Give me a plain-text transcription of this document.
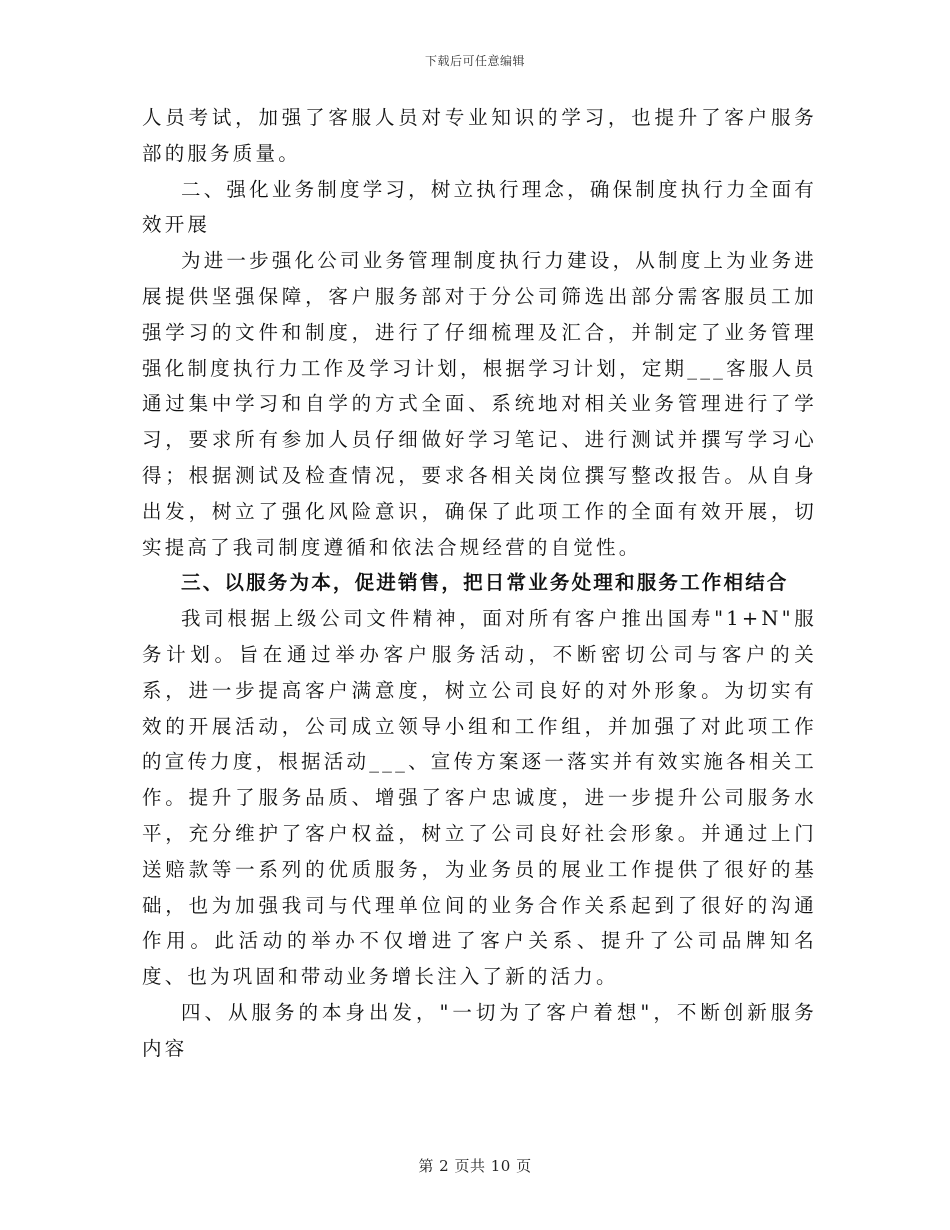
下载后可任意编辑

人员考试，加强了客服人员对专业知识的学习，也提升了客户服务部的服务质量。

二、强化业务制度学习，树立执行理念，确保制度执行力全面有效开展

为进一步强化公司业务管理制度执行力建设，从制度上为业务进展提供坚强保障，客户服务部对于分公司筛选出部分需客服员工加强学习的文件和制度，进行了仔细梳理及汇合，并制定了业务管理强化制度执行力工作及学习计划，根据学习计划，定期___客服人员通过集中学习和自学的方式全面、系统地对相关业务管理进行了学习，要求所有参加人员仔细做好学习笔记、进行测试并撰写学习心得；根据测试及检查情况，要求各相关岗位撰写整改报告。从自身出发，树立了强化风险意识，确保了此项工作的全面有效开展，切实提高了我司制度遵循和依法合规经营的自觉性。

三、以服务为本，促进销售，把日常业务处理和服务工作相结合

我司根据上级公司文件精神，面对所有客户推出国寿"1+N"服务计划。旨在通过举办客户服务活动，不断密切公司与客户的关系，进一步提高客户满意度，树立公司良好的对外形象。为切实有效的开展活动，公司成立领导小组和工作组，并加强了对此项工作的宣传力度，根据活动___、宣传方案逐一落实并有效实施各相关工作。提升了服务品质、增强了客户忠诚度，进一步提升公司服务水平，充分维护了客户权益，树立了公司良好社会形象。并通过上门送赔款等一系列的优质服务，为业务员的展业工作提供了很好的基础，也为加强我司与代理单位间的业务合作关系起到了很好的沟通作用。此活动的举办不仅增进了客户关系、提升了公司品牌知名度、也为巩固和带动业务增长注入了新的活力。

四、从服务的本身出发，"一切为了客户着想"，不断创新服务内容

第 2 页共 10 页
